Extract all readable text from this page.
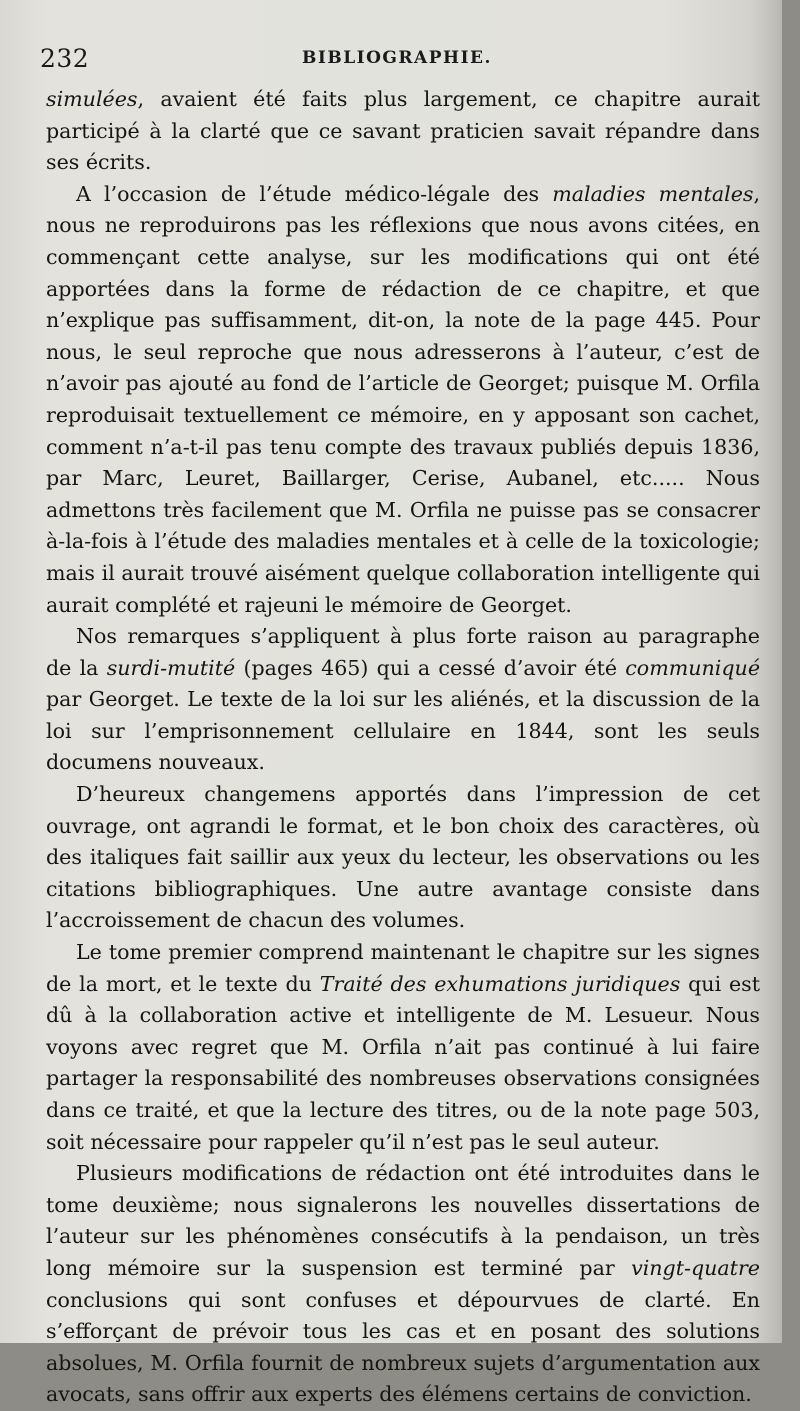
232	BIBLIOGRAPHIE.

simulées, avaient été faits plus largement, ce chapitre aurait participé à la clarté que ce savant praticien savait répandre dans ses écrits.

A l’occasion de l’étude médico-légale des maladies mentales, nous ne reproduirons pas les réflexions que nous avons citées, en commençant cette analyse, sur les modifications qui ont été apportées dans la forme de rédaction de ce chapitre, et que n’explique pas suffisamment, dit-on, la note de la page 445. Pour nous, le seul reproche que nous adresserons à l’auteur, c’est de n’avoir pas ajouté au fond de l’article de Georget; puisque M. Orfila reproduisait textuellement ce mémoire, en y apposant son cachet, comment n’a-t-il pas tenu compte des travaux publiés depuis 1836, par Marc, Leuret, Baillarger, Cerise, Aubanel, etc..... Nous admettons très facilement que M. Orfila ne puisse pas se consacrer à-la-fois à l’étude des maladies mentales et à celle de la toxicologie; mais il aurait trouvé aisément quelque collaboration intelligente qui aurait complété et rajeuni le mémoire de Georget.

Nos remarques s’appliquent à plus forte raison au paragraphe de la surdi-mutité (pages 465) qui a cessé d’avoir été communiqué par Georget. Le texte de la loi sur les aliénés, et la discussion de la loi sur l’emprisonnement cellulaire en 1844, sont les seuls documens nouveaux.

D’heureux changemens apportés dans l’impression de cet ouvrage, ont agrandi le format, et le bon choix des caractères, où des italiques fait saillir aux yeux du lecteur, les observations ou les citations bibliographiques. Une autre avantage consiste dans l’accroissement de chacun des volumes.

Le tome premier comprend maintenant le chapitre sur les signes de la mort, et le texte du Traité des exhumations juridiques qui est dû à la collaboration active et intelligente de M. Lesueur. Nous voyons avec regret que M. Orfila n’ait pas continué à lui faire partager la responsabilité des nombreuses observations consignées dans ce traité, et que la lecture des titres, ou de la note page 503, soit nécessaire pour rappeler qu’il n’est pas le seul auteur.

Plusieurs modifications de rédaction ont été introduites dans le tome deuxième; nous signalerons les nouvelles dissertations de l’auteur sur les phénomènes consécutifs à la pendaison, un très long mémoire sur la suspension est terminé par vingt-quatre conclusions qui sont confuses et dépourvues de clarté. En s’efforçant de prévoir tous les cas et en posant des solutions absolues, M. Orfila fournit de nombreux sujets d’argumentation aux avocats, sans offrir aux experts des élémens certains de conviction.
